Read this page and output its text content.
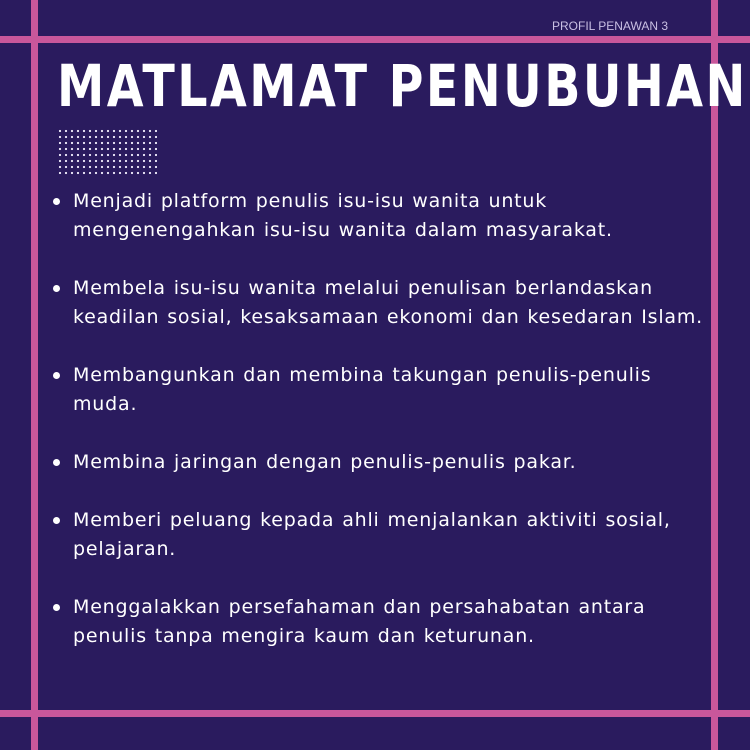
PROFIL PENAWAN 3
MATLAMAT PENUBUHAN
Menjadi platform penulis isu-isu wanita untuk mengenengahkan isu-isu wanita dalam masyarakat.
Membela isu-isu wanita melalui penulisan berlandaskan keadilan sosial, kesaksamaan ekonomi dan kesedaran Islam.
Membangunkan dan membina takungan penulis-penulis muda.
Membina jaringan dengan penulis-penulis pakar.
Memberi peluang kepada ahli menjalankan aktiviti sosial, pelajaran.
Menggalakkan persefahaman dan persahabatan antara penulis tanpa mengira kaum dan keturunan.
